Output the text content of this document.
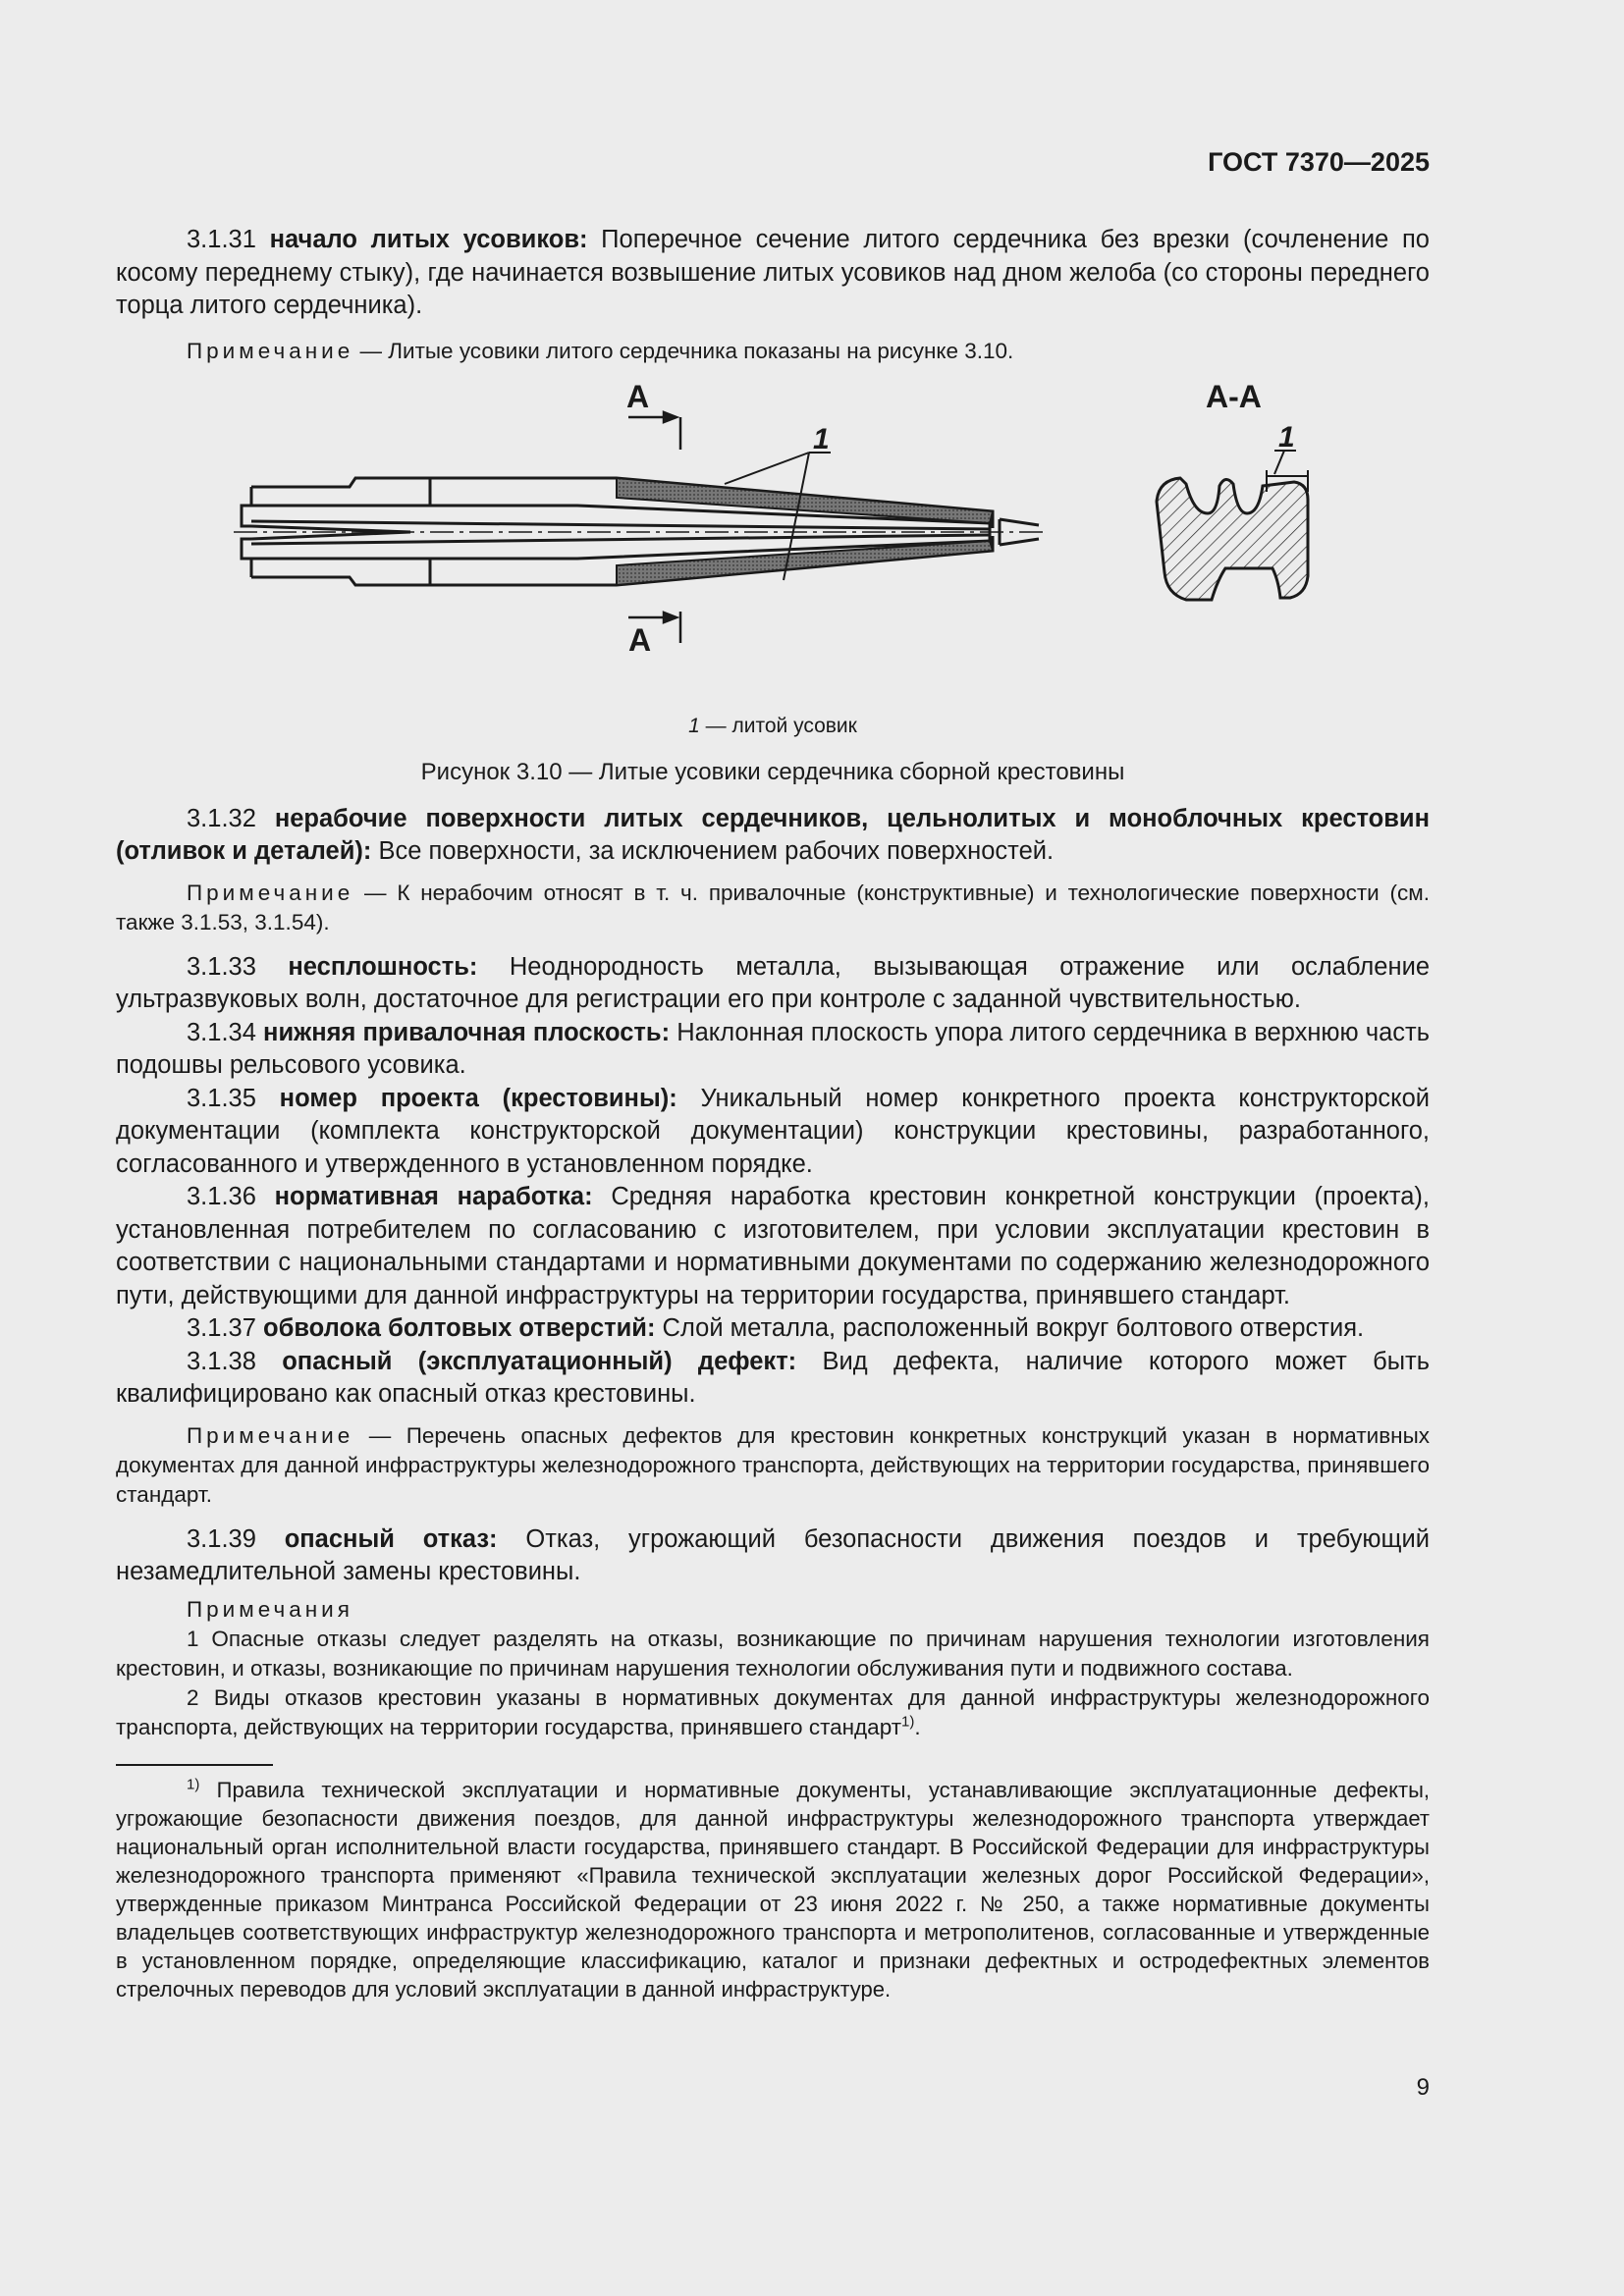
ГОСТ 7370—2025

3.1.31 начало литых усовиков: Поперечное сечение литого сердечника без врезки (сочленение по косому переднему стыку), где начинается возвышение литых усовиков над дном желоба (со стороны переднего торца литого сердечника).

Примечание — Литые усовики литого сердечника показаны на рисунке 3.10.

А
А
1
А-А
1
1 — литой усовик
Рисунок 3.10 — Литые усовики сердечника сборной крестовины

3.1.32 нерабочие поверхности литых сердечников, цельнолитых и моноблочных крестовин (отливок и деталей): Все поверхности, за исключением рабочих поверхностей.

Примечание — К нерабочим относят в т. ч. привалочные (конструктивные) и технологические поверхности (см. также 3.1.53, 3.1.54).

3.1.33 несплошность: Неоднородность металла, вызывающая отражение или ослабление ультразвуковых волн, достаточное для регистрации его при контроле с заданной чувствительностью.

3.1.34 нижняя привалочная плоскость: Наклонная плоскость упора литого сердечника в верхнюю часть подошвы рельсового усовика.

3.1.35 номер проекта (крестовины): Уникальный номер конкретного проекта конструкторской документации (комплекта конструкторской документации) конструкции крестовины, разработанного, согласованного и утвержденного в установленном порядке.

3.1.36 нормативная наработка: Средняя наработка крестовин конкретной конструкции (проекта), установленная потребителем по согласованию с изготовителем, при условии эксплуатации крестовин в соответствии с национальными стандартами и нормативными документами по содержанию железнодорожного пути, действующими для данной инфраструктуры на территории государства, принявшего стандарт.

3.1.37 обволока болтовых отверстий: Слой металла, расположенный вокруг болтового отверстия.

3.1.38 опасный (эксплуатационный) дефект: Вид дефекта, наличие которого может быть квалифицировано как опасный отказ крестовины.

Примечание — Перечень опасных дефектов для крестовин конкретных конструкций указан в нормативных документах для данной инфраструктуры железнодорожного транспорта, действующих на территории государства, принявшего стандарт.

3.1.39 опасный отказ: Отказ, угрожающий безопасности движения поездов и требующий незамедлительной замены крестовины.

Примечания

1 Опасные отказы следует разделять на отказы, возникающие по причинам нарушения технологии изготовления крестовин, и отказы, возникающие по причинам нарушения технологии обслуживания пути и подвижного состава.

2 Виды отказов крестовин указаны в нормативных документах для данной инфраструктуры железнодорожного транспорта, действующих на территории государства, принявшего стандарт$^{1)}$.

$^{1)}$ Правила технической эксплуатации и нормативные документы, устанавливающие эксплуатационные дефекты, угрожающие безопасности движения поездов, для данной инфраструктуры железнодорожного транспорта утверждает национальный орган исполнительной власти государства, принявшего стандарт. В Российской Федерации для инфраструктуры железнодорожного транспорта применяют «Правила технической эксплуатации железных дорог Российской Федерации», утвержденные приказом Минтранса Российской Федерации от 23 июня 2022 г. № 250, а также нормативные документы владельцев соответствующих инфраструктур железнодорожного транспорта и метрополитенов, согласованные и утвержденные в установленном порядке, определяющие классификацию, каталог и признаки дефектных и остродефектных элементов стрелочных переводов для условий эксплуатации в данной инфраструктуре.

9
